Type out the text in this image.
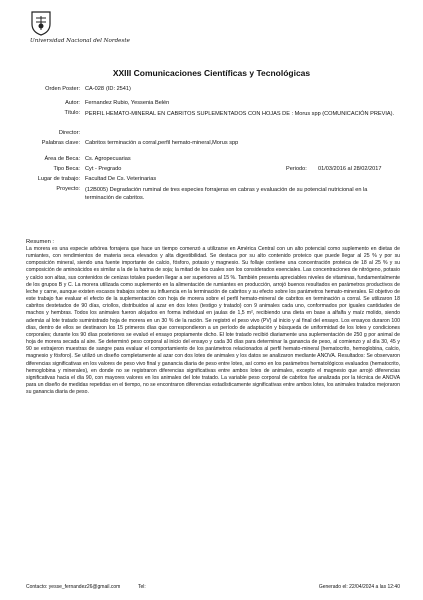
Universidad Nacional del Nordeste
XXIII Comunicaciones Científicas y Tecnológicas
Orden Poster: CA-028 (ID: 2541)
Autor: Fernandez Rubio, Yessenia Belén
Título: PERFIL HEMATO-MINERAL EN CABRITOS SUPLEMENTADOS CON HOJAS DE : Morus spp (COMUNICACIÓN PREVIA).
Director:
Palabras clave: Cabritos terminación a corral,perfil hemato-mineral,Morus spp
Área de Beca: Cs. Agropecuarias
Tipo Beca: Cyt - Pregrado	Periodo: 01/03/2016 al 28/02/2017
Lugar de trabajo: Facultad De Cs. Veterinarias
Proyecto: (12B005) Degradación ruminal de tres especies forrajeras en cabras y evaluación de su potencial nutricional en la terminación de cabritos.
Resumen :

La morera es una especie arbórea forrajera que hace un tiempo comenzó a utilizarse en América Central con un alto potencial como suplemento en dietas de rumiantes, con rendimientos de materia seca elevados y alta digestibilidad. Se destaca por su alto contenido proteico que puede llegar al 25 % y por su composición mineral, siendo una fuente importante de calcio, fósforo, potasio y magnesio. Su follaje contiene una concentración proteica de 18 al 25 % y su composición de aminoácidos es similar a la de la harina de soja; la mitad de los cuales son los considerados esenciales. Las concentraciones de nitrógeno, potasio y calcio son altas, sus contenidos de cenizas totales pueden llegar a ser superiores al 15 %. También presenta apreciables niveles de vitaminas, fundamentalmente de los grupos B y C. La morera utilizada como suplemento en la alimentación de rumiantes en producción, arrojó buenos resultados en parámetros productivos de leche y carne, aunque existen escasos trabajos sobre su influencia en la terminación de cabritos y su efecto sobre los parámetros hemato-minerales. El objetivo de este trabajo fue evaluar el efecto de la suplementación con hoja de morera sobre el perfil hemato-mineral de cabritos en terminación a corral. Se utilizaron 18 cabritos destetados de 90 días, criollos, distribuidos al azar en dos lotes (testigo y tratado) con 9 animales cada uno, conformados por iguales cantidades de machos y hembras. Todos los animales fueron alojados en forma individual en jaulas de 1,5 m², recibiendo una dieta en base a alfalfa y maíz molido, siendo además al lote tratado suministrado hoja de morera en un 30 % de la ración. Se registró el peso vivo (PV) al inicio y al final del ensayo. Los ensayos duraron 100 días, dentro de ellos se destinaron los 15 primeros días que correspondieron a un período de adaptación y búsqueda de uniformidad de los lotes y condiciones corporales; durante los 90 días posteriores se evaluó el ensayo propiamente dicho. El lote tratado recibió diariamente una suplementación de 250 g por animal de hoja de morera secada al aire. Se determinó peso corporal al inicio del ensayo y cada 30 días para determinar la ganancia de peso, al comienzo y al día 30, 45 y 90 se extrajeron muestras de sangre para evaluar el comportamiento de los parámetros relacionados al perfil hemato-mineral (hematocrito, hemoglobina, calcio, magnesio y fósforo). Se utilizó un diseño completamente al azar con dos lotes de animales y los datos se analizaron mediante ANOVA. Resultados: Se observaron diferencias significativas en los valores de peso vivo final y ganancia diaria de peso entre lotes, así como en los parámetros hematológicos evaluados (hematocrito, hemoglobina y minerales), en donde no se registraron diferencias significativas entre ambos lotes de animales, excepto el magnesio que arrojó diferencias significativas hacia el día 90, con mayores valores en los animales del lote tratado. La variable peso corporal de cabritos fue analizada por la técnica de ANOVA para un diseño de medidas repetidas en el tiempo, no se encontraron diferencias estadísticamente significativas entre ambos lotes, los animales tratados mejoraron su ganancia diaria de peso.

Contacto: yesse_fernandez26@gmail.com	Tel:	Generado el: 22/04/2024 a las 12:40
